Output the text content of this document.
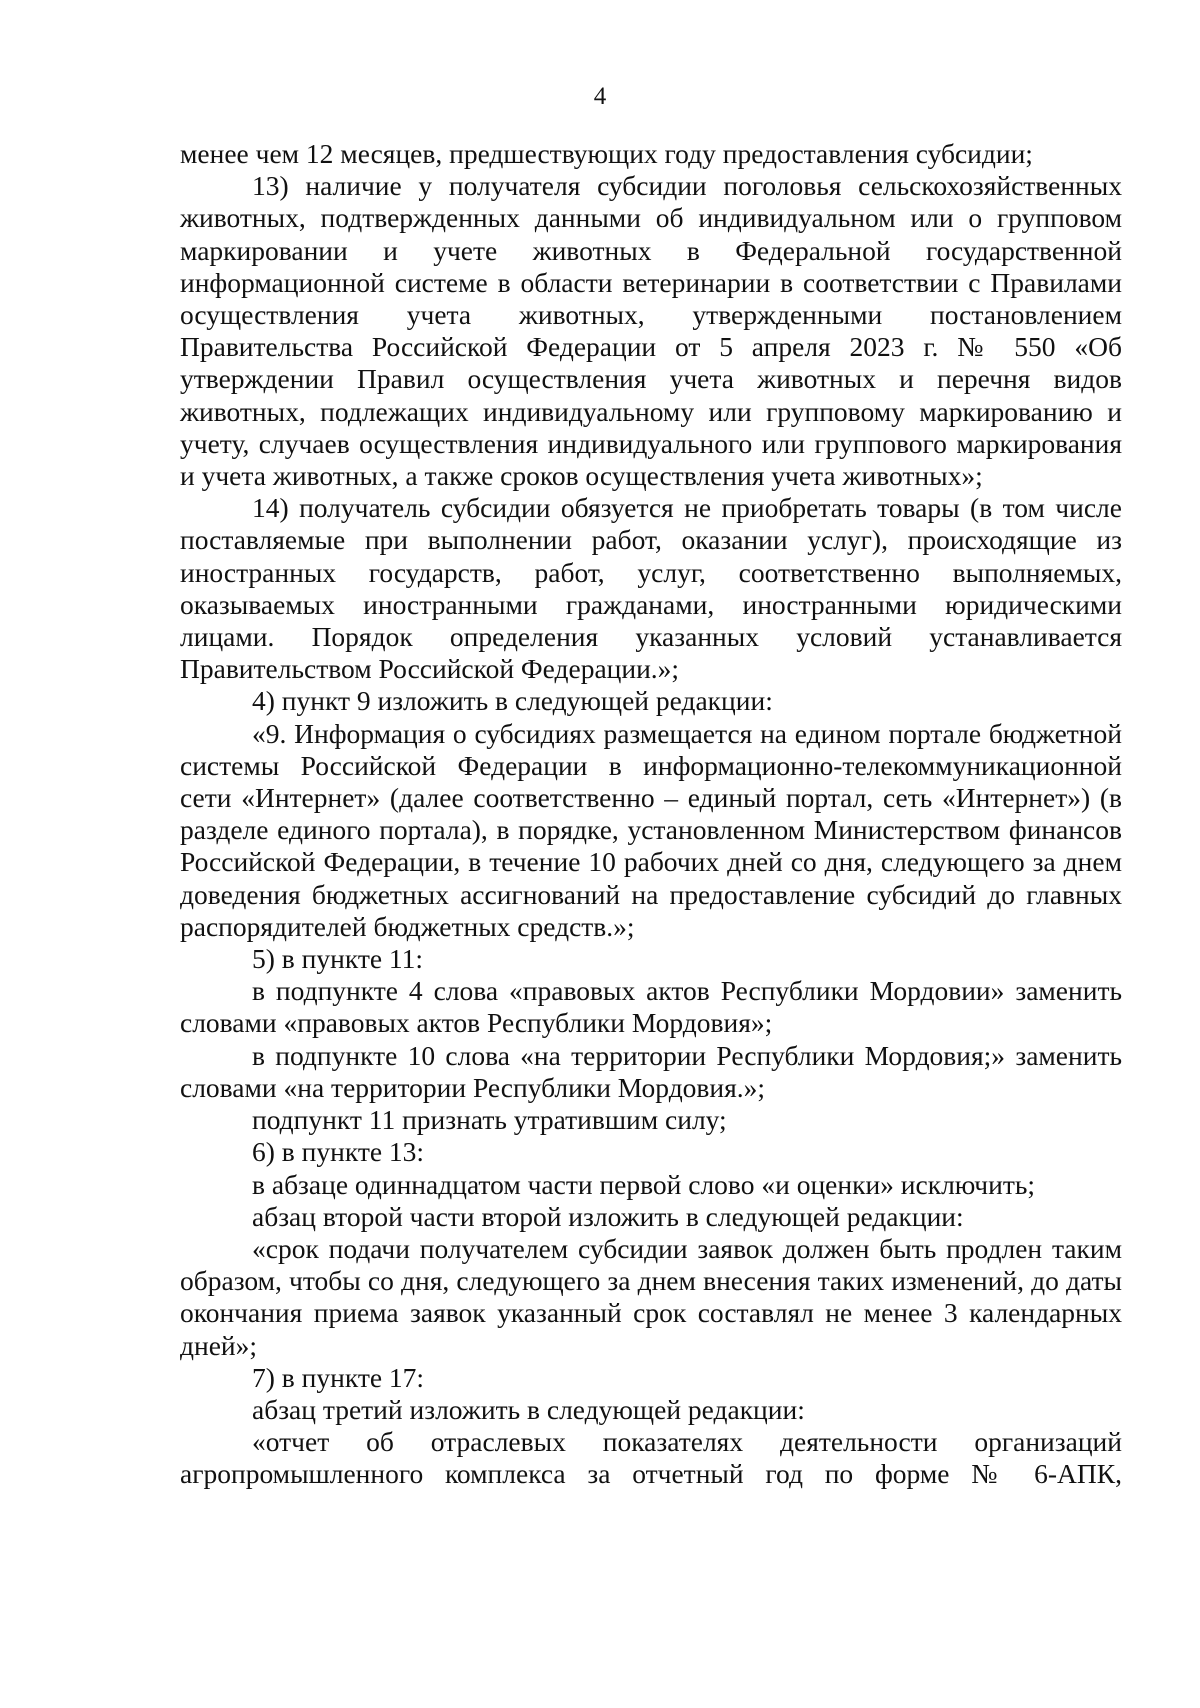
4

менее чем 12 месяцев, предшествующих году предоставления субсидии;

13) наличие у получателя субсидии поголовья сельскохозяйственных животных, подтвержденных данными об индивидуальном или о групповом маркировании и учете животных в Федеральной государственной информационной системе в области ветеринарии в соответствии с Правилами осуществления учета животных, утвержденными постановлением Правительства Российской Федерации от 5 апреля 2023 г. № 550 «Об утверждении Правил осуществления учета животных и перечня видов животных, подлежащих индивидуальному или групповому маркированию и учету, случаев осуществления индивидуального или группового маркирования и учета животных, а также сроков осуществления учета животных»;

14) получатель субсидии обязуется не приобретать товары (в том числе поставляемые при выполнении работ, оказании услуг), происходящие из иностранных государств, работ, услуг, соответственно выполняемых, оказываемых иностранными гражданами, иностранными юридическими лицами. Порядок определения указанных условий устанавливается Правительством Российской Федерации.»;

4) пункт 9 изложить в следующей редакции:

«9. Информация о субсидиях размещается на едином портале бюджетной системы Российской Федерации в информационно-телекоммуникационной сети «Интернет» (далее соответственно – единый портал, сеть «Интернет») (в разделе единого портала), в порядке, установленном Министерством финансов Российской Федерации, в течение 10 рабочих дней со дня, следующего за днем доведения бюджетных ассигнований на предоставление субсидий до главных распорядителей бюджетных средств.»;

5) в пункте 11:

в подпункте 4 слова «правовых актов Республики Мордовии» заменить словами «правовых актов Республики Мордовия»;

в подпункте 10 слова «на территории Республики Мордовия;» заменить словами «на территории Республики Мордовия.»;

подпункт 11 признать утратившим силу;

6) в пункте 13:

в абзаце одиннадцатом части первой слово «и оценки» исключить;

абзац второй части второй изложить в следующей редакции:

«срок подачи получателем субсидии заявок должен быть продлен таким образом, чтобы со дня, следующего за днем внесения таких изменений, до даты окончания приема заявок указанный срок составлял не менее 3 календарных дней»;

7) в пункте 17:

абзац третий изложить в следующей редакции:

«отчет об отраслевых показателях деятельности организаций агропромышленного комплекса за отчетный год по форме № 6-АПК,
